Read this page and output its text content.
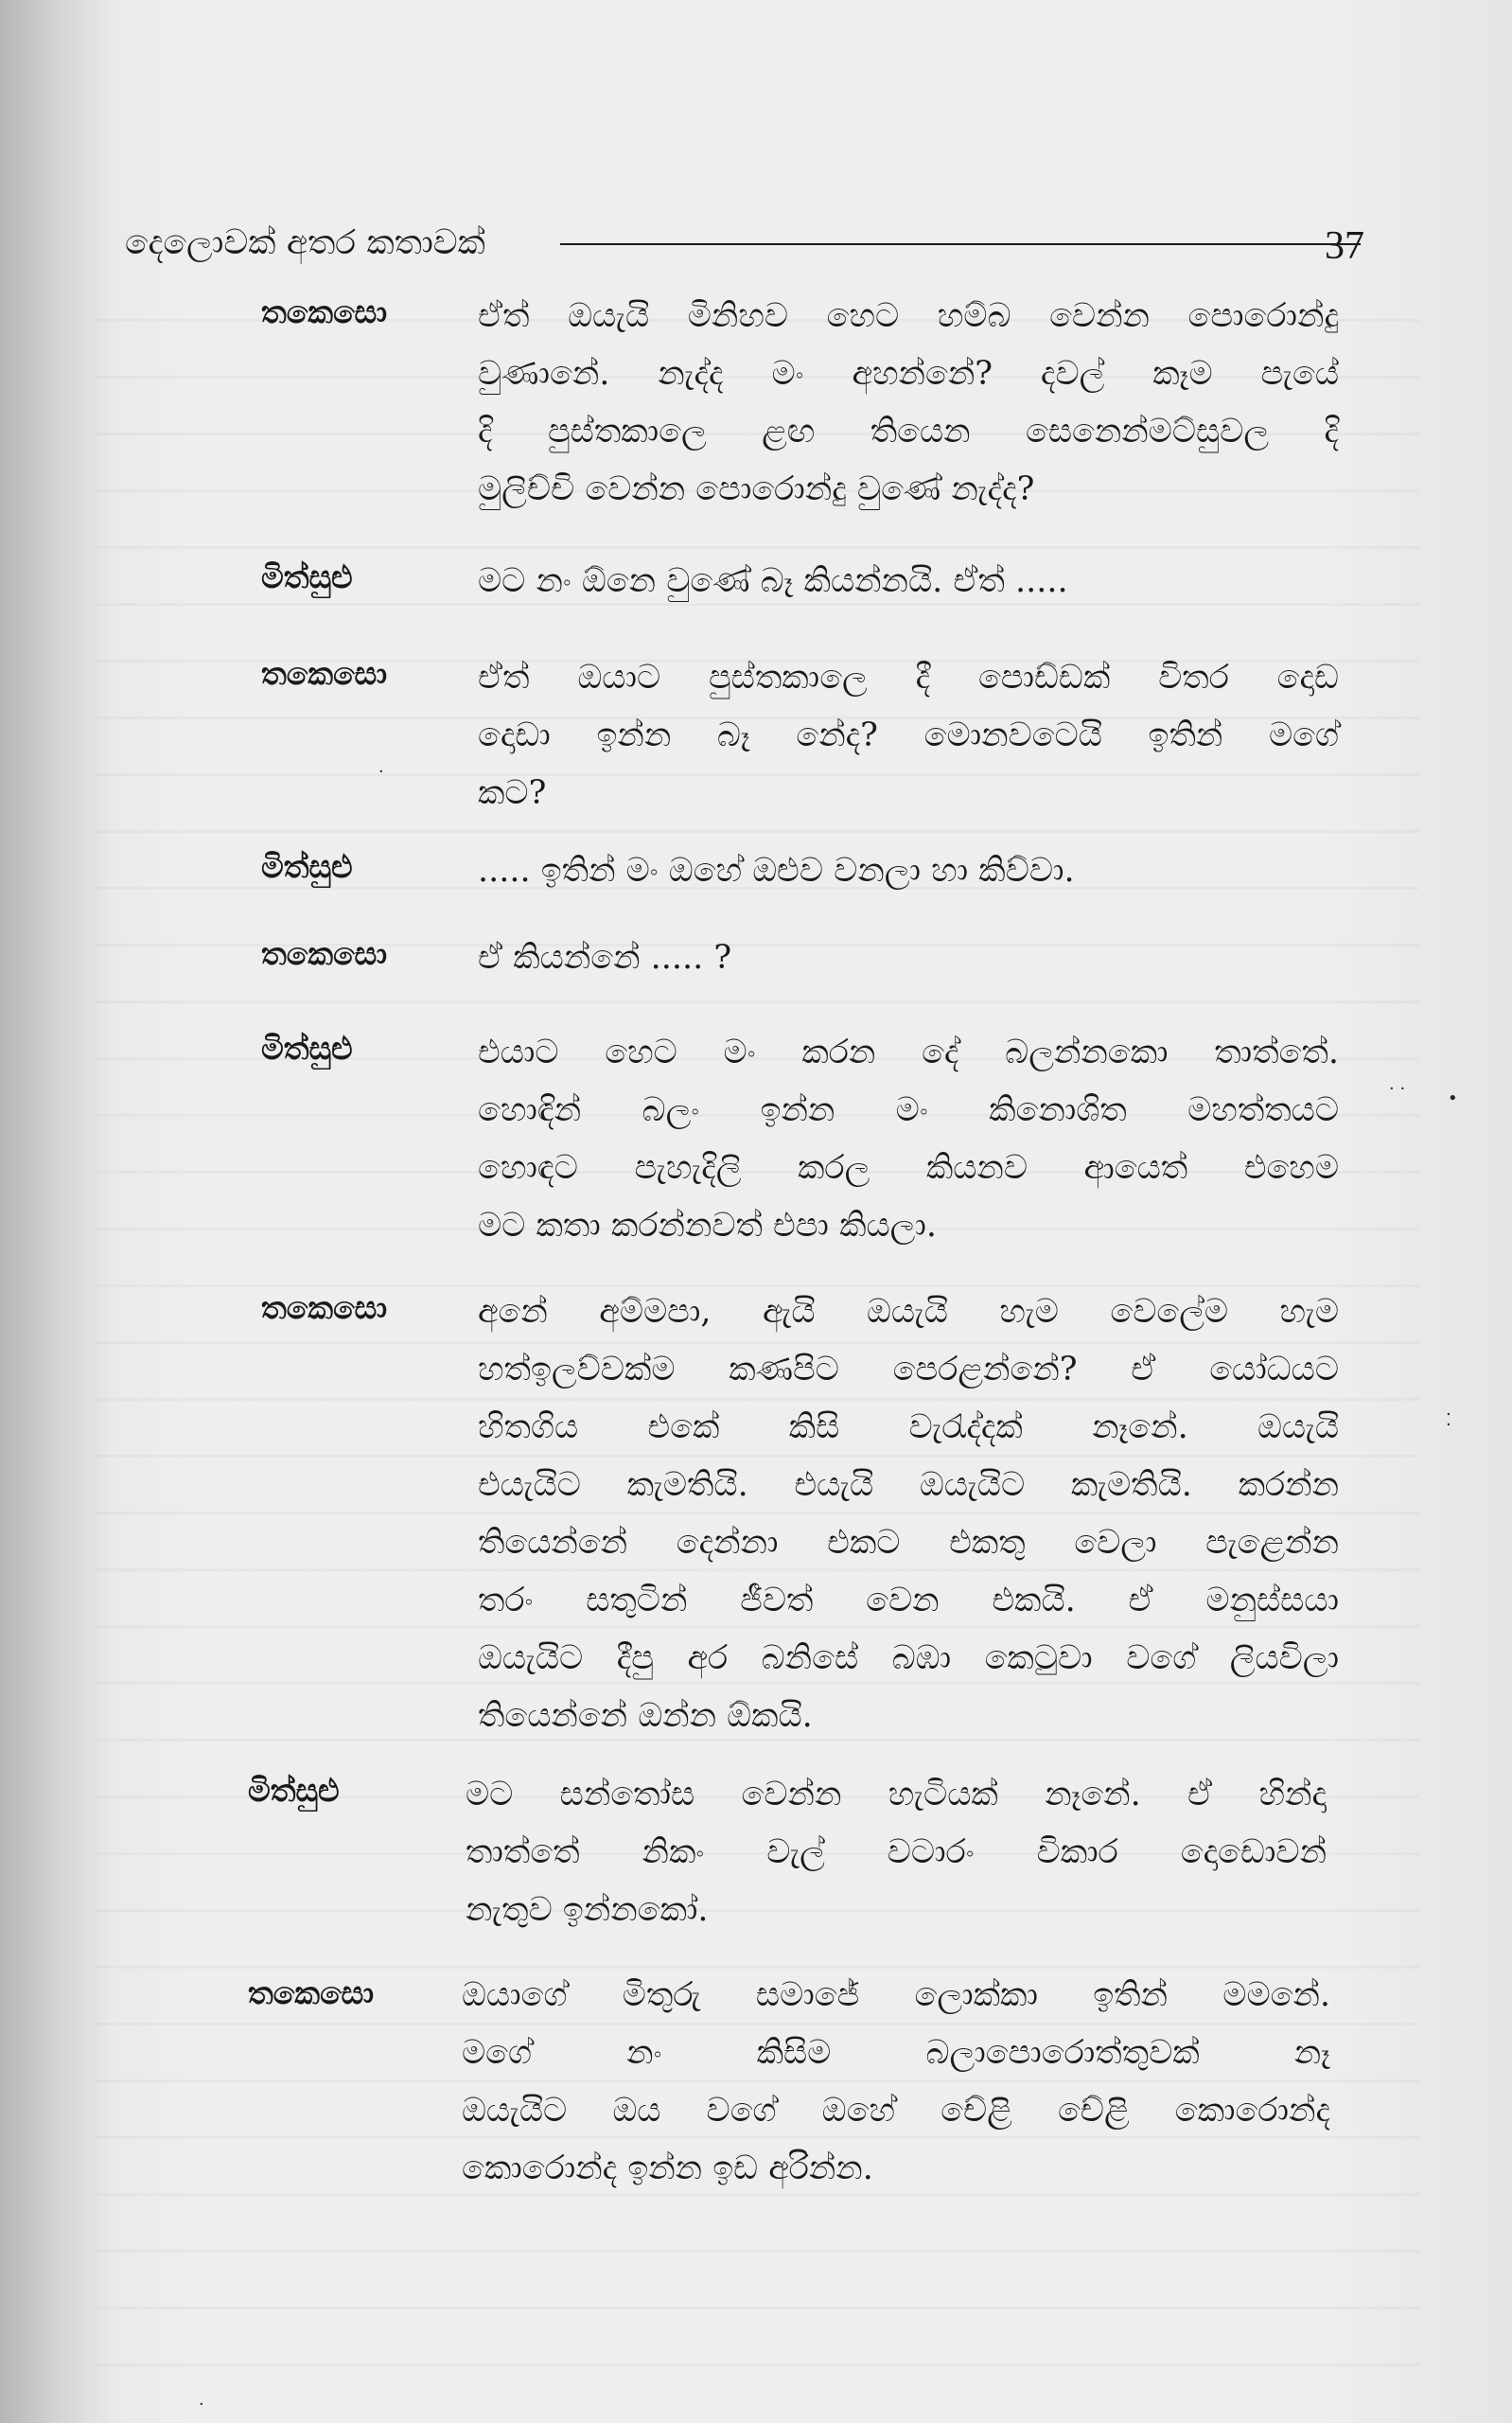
දෙලොවක් අතර කතාවක්	37
තකෙසො	ඒත් ඔයැයි මිනිහව හෙට හම්බ වෙන්න පොරොන්දු
වුණානේ. නැද්ද මං අහන්නේ? දවල් කෑම පැයේ
දි පුස්තකාලෙ ළඟ තියෙන සෙනෙන්මට්සුවල දි
මුලිච්චි වෙන්න පොරොන්දු වුණේ නැද්ද?
මිත්සුළු	මට නං ඕනෙ වුණේ බෑ කියන්නයි. ඒත් .....
තකෙසො	ඒත් ඔයාට පුස්තකාලෙ දී පොඩ්ඩක් විතර දොඩ
දොඩා ඉන්න බෑ නේද? මොනවටෙයි ඉතින් මගේ
කට?
මිත්සුළු	..... ඉතින් මං ඔහේ ඔළුව වනලා හා කිව්වා.
තකෙසො	ඒ කියන්නේ ..... ?
මිත්සුළු	එයාට හෙට මං කරන දේ බලන්නකො තාත්තේ.
හොඳින් බලං ඉන්න මං කිනොශිත මහත්තයට
හොඳට පැහැදිලි කරල කියනව ආයෙත් එහෙම
මට කතා කරන්නවත් එපා කියලා.
තකෙසො	අනේ අම්මපා, ඇයි ඔයැයි හැම වෙලේම හැම
හත්ඉලව්වක්ම කණපිට පෙරළන්නේ? ඒ යෝධයට
හිතගිය එකේ කිසි වැරැද්දක් නෑනේ. ඔයැයි
එයැයිට කැමතියි. එයැයි ඔයැයිට කැමතියි. කරන්න
තියෙන්නේ දෙන්නා එකට එකතු වෙලා පැළෙන්න
තරං සතුටින් ජීවත් වෙන එකයි. ඒ මනුස්සයා
ඔයැයිට දීපු අර බනිසේ බඹා කෙටුවා වගේ ලියවිලා
තියෙන්නේ ඔන්න ඕකයි.
මිත්සුළු	මට සන්තෝස වෙන්න හැටියක් නෑනේ. ඒ හින්දා
තාත්තේ නිකං වැල් වටාරං විකාර දොඩොවන්
නැතුව ඉන්නකෝ.
තකෙසො	ඔයාගේ මිතුරු සමාජේ ලොක්කා ඉතින් මමනේ.
මගේ නං කිසිම බලාපොරොත්තුවක් නෑ
ඔයැයිට ඔය වගේ ඔහේ චේළි චේළි කොරොන්ද
කොරොන්ද ඉන්න ඉඩ අරින්න.
· · •
⁚
·
·
